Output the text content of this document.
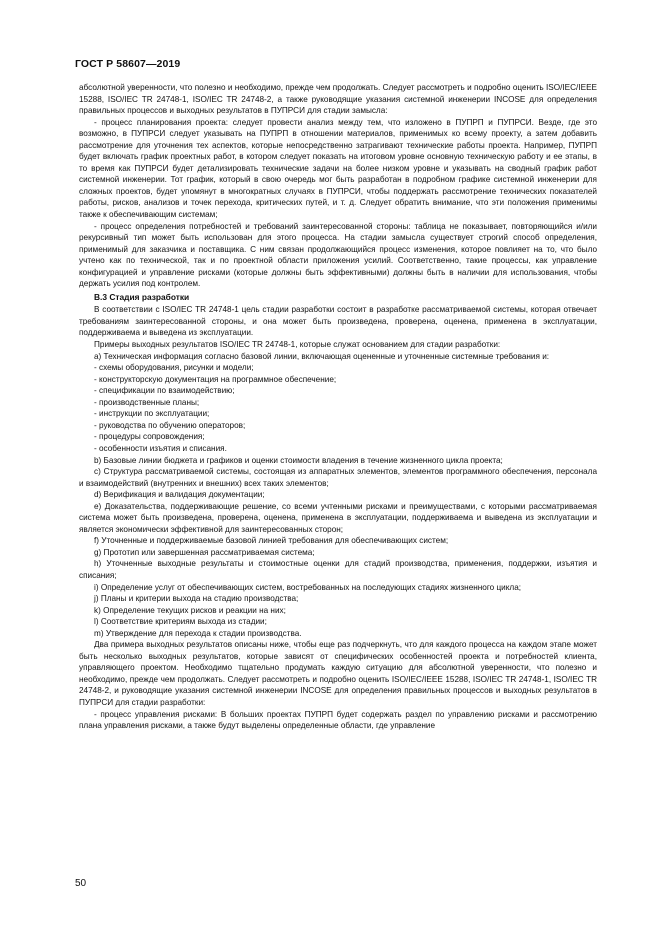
ГОСТ Р 58607—2019

абсолютной уверенности, что полезно и необходимо, прежде чем продолжать. Следует рассмотреть и подробно оценить ISO/IEC/IEEE 15288, ISO/IEC TR 24748-1, ISO/IEC TR 24748-2, а также руководящие указания системной инженерии INCOSE для определения правильных процессов и выходных результатов в ПУПРСИ для стадии замысла:

- процесс планирования проекта: следует провести анализ между тем, что изложено в ПУПРП и ПУПРСИ. Везде, где это возможно, в ПУПРСИ следует указывать на ПУПРП в отношении материалов, применимых ко всему проекту, а затем добавить рассмотрение для уточнения тех аспектов, которые непосредственно затрагивают технические работы проекта. Например, ПУПРП будет включать график проектных работ, в котором следует показать на итоговом уровне основную техническую работу и ее этапы, в то время как ПУПРСИ будет детализировать технические задачи на более низком уровне и указывать на сводный график работ системной инженерии. Тот график, который в свою очередь мог быть разработан в подробном графике системной инженерии для сложных проектов, будет упомянут в многократных случаях в ПУПРСИ, чтобы поддержать рассмотрение технических показателей работы, рисков, анализов и точек перехода, критических путей, и т. д. Следует обратить внимание, что эти положения применимы также к обеспечивающим системам;

- процесс определения потребностей и требований заинтересованной стороны: таблица не показывает, повторяющийся и/или рекурсивный тип может быть использован для этого процесса. На стадии замысла существует строгий способ определения, применимый для заказчика и поставщика. С ним связан продолжающийся процесс изменения, которое повлияет на то, что было учтено как по технической, так и по проектной области приложения усилий. Соответственно, такие процессы, как управление конфигурацией и управление рисками (которые должны быть эффективными) должны быть в наличии для использования, чтобы держать усилия под контролем.

В.3 Стадия разработки

В соответствии с ISO/IEC TR 24748-1 цель стадии разработки состоит в разработке рассматриваемой системы, которая отвечает требованиям заинтересованной стороны, и она может быть произведена, проверена, оценена, применена в эксплуатации, поддерживаема и выведена из эксплуатации.

Примеры выходных результатов ISO/IEC TR 24748-1, которые служат основанием для стадии разработки:

а) Техническая информация согласно базовой линии, включающая оцененные и уточненные системные требования и:

- схемы оборудования, рисунки и модели;

- конструкторскую документация на программное обеспечение;

- спецификации по взаимодействию;

- производственные планы;

- инструкции по эксплуатации;

- руководства по обучению операторов;

- процедуры сопровождения;

- особенности изъятия и списания.

b) Базовые линии бюджета и графиков и оценки стоимости владения в течение жизненного цикла проекта;

c) Структура рассматриваемой системы, состоящая из аппаратных элементов, элементов программного обеспечения, персонала и взаимодействий (внутренних и внешних) всех таких элементов;

d) Верификация и валидация документации;

e) Доказательства, поддерживающие решение, со всеми учтенными рисками и преимуществами, с которыми рассматриваемая система может быть произведена, проверена, оценена, применена в эксплуатации, поддерживаема и выведена из эксплуатации и является экономически эффективной для заинтересованных сторон;

f) Уточненные и поддерживаемые базовой линией требования для обеспечивающих систем;

g) Прототип или завершенная рассматриваемая система;

h) Уточненные выходные результаты и стоимостные оценки для стадий производства, применения, поддержки, изъятия и списания;

i) Определение услуг от обеспечивающих систем, востребованных на последующих стадиях жизненного цикла;

j) Планы и критерии выхода на стадию производства;

k) Определение текущих рисков и реакции на них;

l) Соответствие критериям выхода из стадии;

m) Утверждение для перехода к стадии производства.

Два примера выходных результатов описаны ниже, чтобы еще раз подчеркнуть, что для каждого процесса на каждом этапе может быть несколько выходных результатов, которые зависят от специфических особенностей проекта и потребностей клиента, управляющего проектом. Необходимо тщательно продумать каждую ситуацию для абсолютной уверенности, что полезно и необходимо, прежде чем продолжать. Следует рассмотреть и подробно оценить ISO/IEC/IEEE 15288, ISO/IEC TR 24748-1, ISO/IEC TR 24748-2, и руководящие указания системной инженерии INCOSE для определения правильных процессов и выходных результатов в ПУПРСИ для стадии разработки:

- процесс управления рисками: В больших проектах ПУПРП будет содержать раздел по управлению рисками и рассмотрению плана управления рисками, а также будут выделены определенные области, где управление

50
